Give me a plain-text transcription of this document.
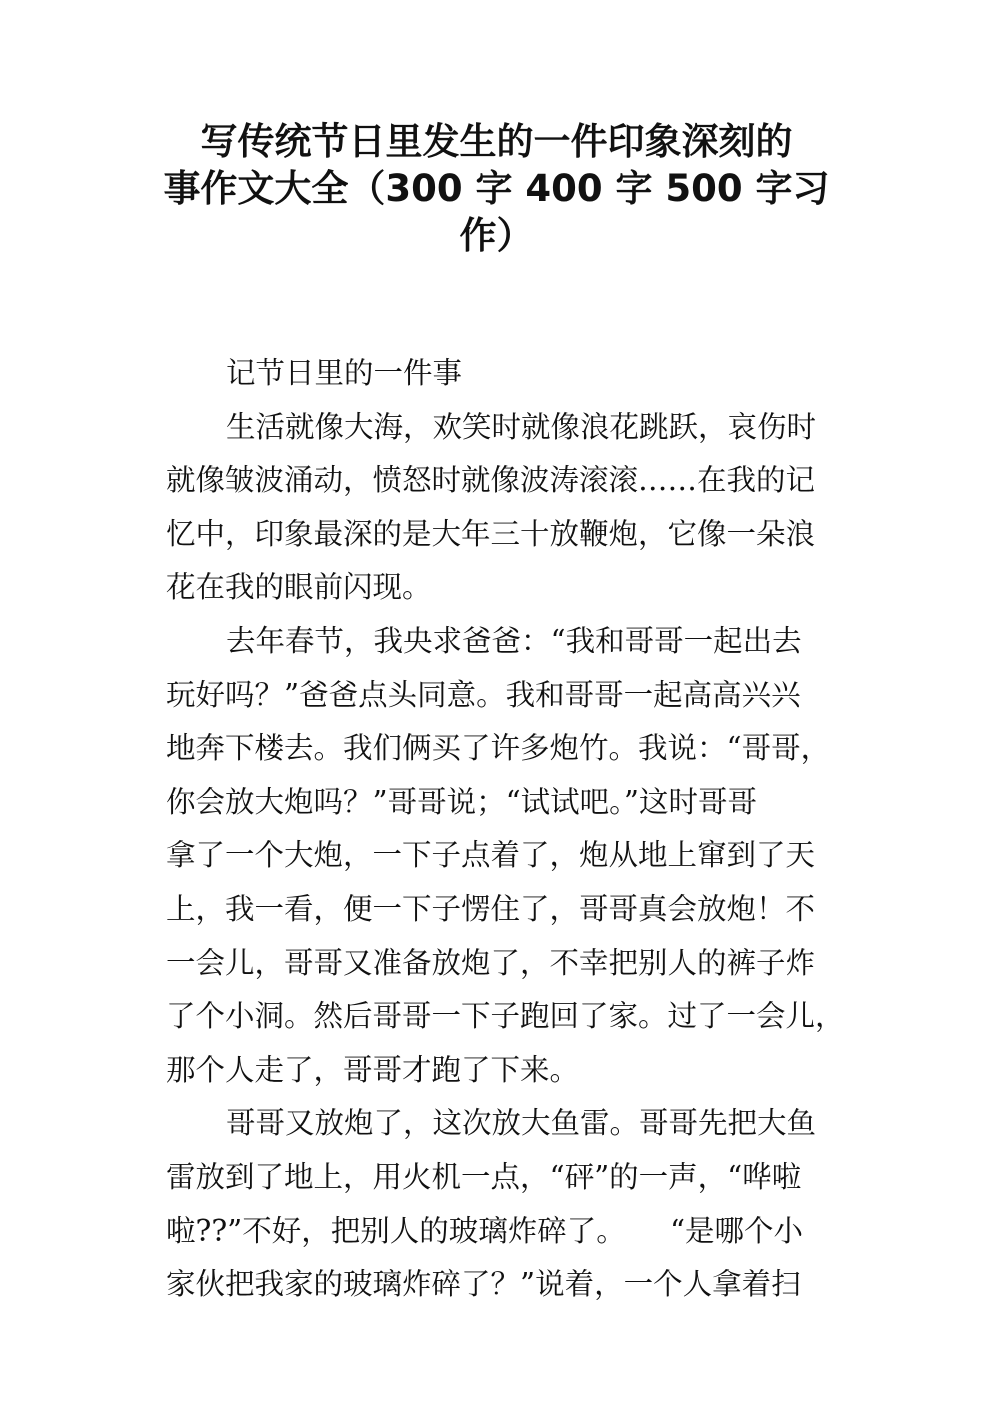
写传统节日里发生的一件印象深刻的
事作文大全（300 字 400 字 500 字习
作）
记节日里的一件事
生活就像大海，欢笑时就像浪花跳跃，哀伤时
就像皱波涌动，愤怒时就像波涛滚滚……在我的记
忆中，印象最深的是大年三十放鞭炮，它像一朵浪
花在我的眼前闪现。
去年春节，我央求爸爸：“我和哥哥一起出去
玩好吗？”爸爸点头同意。我和哥哥一起高高兴兴
地奔下楼去。我们俩买了许多炮竹。我说：“哥哥，
你会放大炮吗？”哥哥说；“试试吧。”这时哥哥
拿了一个大炮，一下子点着了，炮从地上窜到了天
上，我一看，便一下子愣住了，哥哥真会放炮！不
一会儿，哥哥又准备放炮了，不幸把别人的裤子炸
了个小洞。然后哥哥一下子跑回了家。过了一会儿，
那个人走了，哥哥才跑了下来。
哥哥又放炮了，这次放大鱼雷。哥哥先把大鱼
雷放到了地上，用火机一点，“砰”的一声，“哗啦
啦??”不好，把别人的玻璃炸碎了。　　“是哪个小
家伙把我家的玻璃炸碎了？”说着，一个人拿着扫
